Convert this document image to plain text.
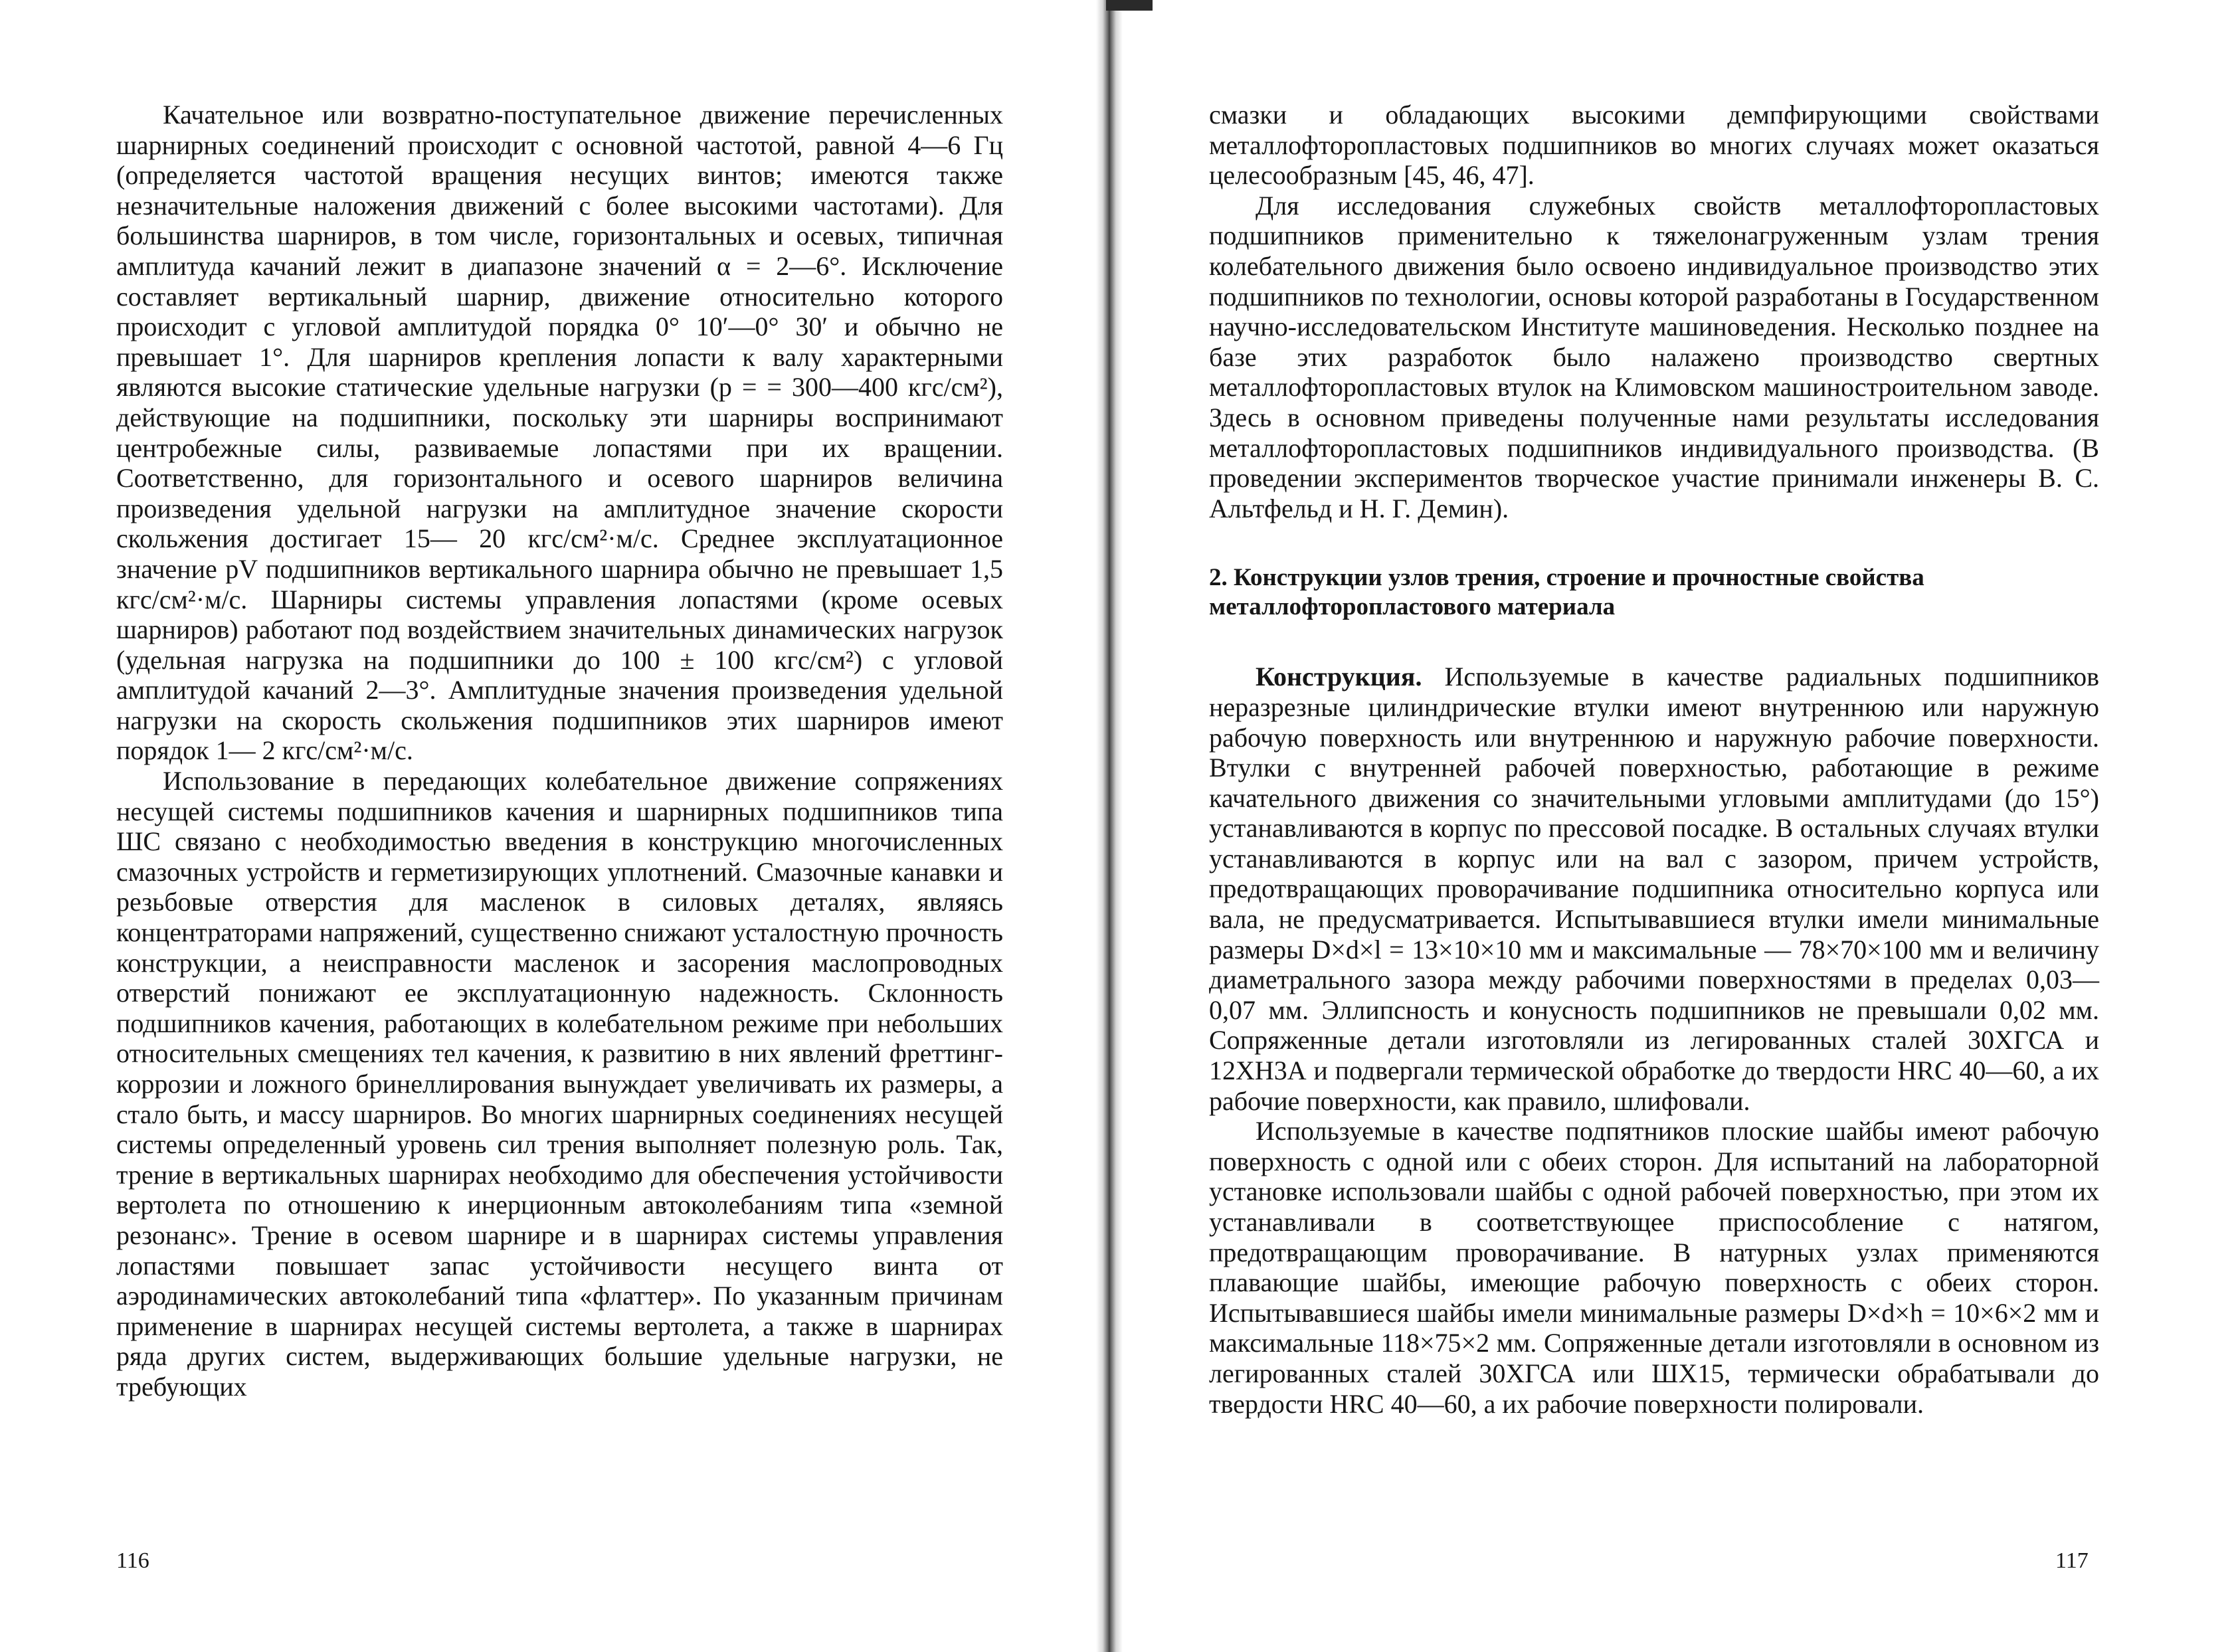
Качательное или возвратно-поступательное движение перечисленных шарнирных соединений происходит с основной частотой, равной 4—6 Гц (определяется частотой вращения несущих винтов; имеются также незначительные наложения движений с более высокими частотами). Для большинства шарниров, в том числе, горизонтальных и осевых, типичная амплитуда качаний лежит в диапазоне значений α = 2—6°. Исключение составляет вертикальный шарнир, движение относительно которого происходит с угловой амплитудой порядка 0° 10′—0° 30′ и обычно не превышает 1°. Для шарниров крепления лопасти к валу характерными являются высокие статические удельные нагрузки (p = = 300—400 кгс/см²), действующие на подшипники, поскольку эти шарниры воспринимают центробежные силы, развиваемые лопастями при их вращении. Соответственно, для горизонтального и осевого шарниров величина произведения удельной нагрузки на амплитудное значение скорости скольжения достигает 15— 20 кгс/см²·м/с. Среднее эксплуатационное значение pV подшипников вертикального шарнира обычно не превышает 1,5 кгс/см²·м/с. Шарниры системы управления лопастями (кроме осевых шарниров) работают под воздействием значительных динамических нагрузок (удельная нагрузка на подшипники до 100 ± 100 кгс/см²) с угловой амплитудой качаний 2—3°. Амплитудные значения произведения удельной нагрузки на скорость скольжения подшипников этих шарниров имеют порядок 1— 2 кгс/см²·м/с.

Использование в передающих колебательное движение сопряжениях несущей системы подшипников качения и шарнирных подшипников типа ШС связано с необходимостью введения в конструкцию многочисленных смазочных устройств и герметизирующих уплотнений. Смазочные канавки и резьбовые отверстия для масленок в силовых деталях, являясь концентраторами напряжений, существенно снижают усталостную прочность конструкции, а неисправности масленок и засорения маслопроводных отверстий понижают ее эксплуатационную надежность. Склонность подшипников качения, работающих в колебательном режиме при небольших относительных смещениях тел качения, к развитию в них явлений фреттинг-коррозии и ложного бринеллирования вынуждает увеличивать их размеры, а стало быть, и массу шарниров. Во многих шарнирных соединениях несущей системы определенный уровень сил трения выполняет полезную роль. Так, трение в вертикальных шарнирах необходимо для обеспечения устойчивости вертолета по отношению к инерционным автоколебаниям типа «земной резонанс». Трение в осевом шарнире и в шарнирах системы управления лопастями повышает запас устойчивости несущего винта от аэродинамических автоколебаний типа «флаттер». По указанным причинам применение в шарнирах несущей системы вертолета, а также в шарнирах ряда других систем, выдерживающих большие удельные нагрузки, не требующих

116

смазки и обладающих высокими демпфирующими свойствами металлофторопластовых подшипников во многих случаях может оказаться целесообразным [45, 46, 47].

Для исследования служебных свойств металлофторопластовых подшипников применительно к тяжелонагруженным узлам трения колебательного движения было освоено индивидуальное производство этих подшипников по технологии, основы которой разработаны в Государственном научно-исследовательском Институте машиноведения. Несколько позднее на базе этих разработок было налажено производство свертных металлофторопластовых втулок на Климовском машиностроительном заводе. Здесь в основном приведены полученные нами результаты исследования металлофторопластовых подшипников индивидуального производства. (В проведении экспериментов творческое участие принимали инженеры В. С. Альтфельд и Н. Г. Демин).

2. Конструкции узлов трения, строение и прочностные свойства металлофторопластового материала

Конструкция. Используемые в качестве радиальных подшипников неразрезные цилиндрические втулки имеют внутреннюю или наружную рабочую поверхность или внутреннюю и наружную рабочие поверхности. Втулки с внутренней рабочей поверхностью, работающие в режиме качательного движения со значительными угловыми амплитудами (до 15°) устанавливаются в корпус по прессовой посадке. В остальных случаях втулки устанавливаются в корпус или на вал с зазором, причем устройств, предотвращающих проворачивание подшипника относительно корпуса или вала, не предусматривается. Испытывавшиеся втулки имели минимальные размеры D×d×l = 13×10×10 мм и максимальные — 78×70×100 мм и величину диаметрального зазора между рабочими поверхностями в пределах 0,03—0,07 мм. Эллипсность и конусность подшипников не превышали 0,02 мм. Сопряженные детали изготовляли из легированных сталей 30ХГСА и 12ХН3А и подвергали термической обработке до твердости HRC 40—60, а их рабочие поверхности, как правило, шлифовали.

Используемые в качестве подпятников плоские шайбы имеют рабочую поверхность с одной или с обеих сторон. Для испытаний на лабораторной установке использовали шайбы с одной рабочей поверхностью, при этом их устанавливали в соответствующее приспособление с натягом, предотвращающим проворачивание. В натурных узлах применяются плавающие шайбы, имеющие рабочую поверхность с обеих сторон. Испытывавшиеся шайбы имели минимальные размеры D×d×h = 10×6×2 мм и максимальные 118×75×2 мм. Сопряженные детали изготовляли в основном из легированных сталей 30ХГСА или ШХ15, термически обрабатывали до твердости HRC 40—60, а их рабочие поверхности полировали.

117
